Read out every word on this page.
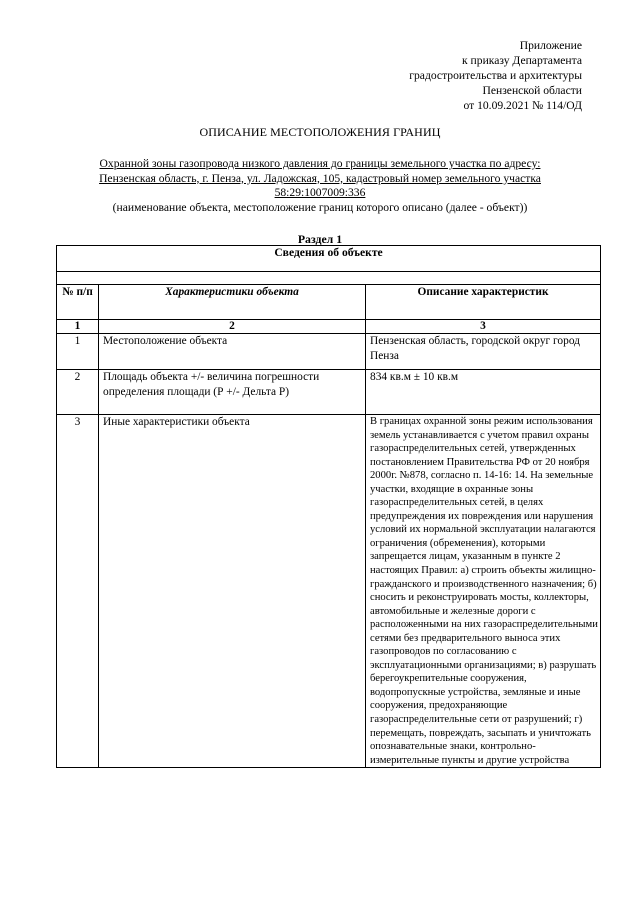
Приложение
к приказу Департамента
градостроительства и архитектуры
Пензенской области
от 10.09.2021 № 114/ОД
ОПИСАНИЕ МЕСТОПОЛОЖЕНИЯ ГРАНИЦ
Охранной зоны газопровода низкого давления до границы земельного участка по адресу:
Пензенская область, г. Пенза, ул. Ладожская, 105, кадастровый номер земельного участка
58:29:1007009:336
(наименование объекта, местоположение границ которого описано (далее - объект))
Раздел 1
Сведения об объекте		

№ п/п	Характеристики объекта	Описание характеристик
1	2	3
1	Местоположение объекта	Пензенская область, городской округ город Пенза
2	Площадь объекта +/- величина погрешности определения площади (Р +/- Дельта Р)	834 кв.м ± 10 кв.м
3	Иные характеристики объекта	В границах охранной зоны режим использования земель устанавливается с учетом правил охраны газораспределительных сетей, утвержденных постановлением Правительства РФ от 20 ноября 2000г. №878, согласно п. 14-16: 14. На земельные участки, входящие в охранные зоны газораспределительных сетей, в целях предупреждения их повреждения или нарушения условий их нормальной эксплуатации налагаются ограничения (обременения), которыми запрещается лицам, указанным в пункте 2 настоящих Правил: а) строить объекты жилищно-гражданского и производственного назначения; б) сносить и реконструировать мосты, коллекторы, автомобильные и железные дороги с расположенными на них газораспределительными сетями без предварительного выноса этих газопроводов по согласованию с эксплуатационными организациями; в) разрушать берегоукрепительные сооружения, водопропускные устройства, земляные и иные сооружения, предохраняющие газораспределительные сети от разрушений; г) перемещать, повреждать, засыпать и уничтожать опознавательные знаки, контрольно-измерительные пункты и другие устройства
